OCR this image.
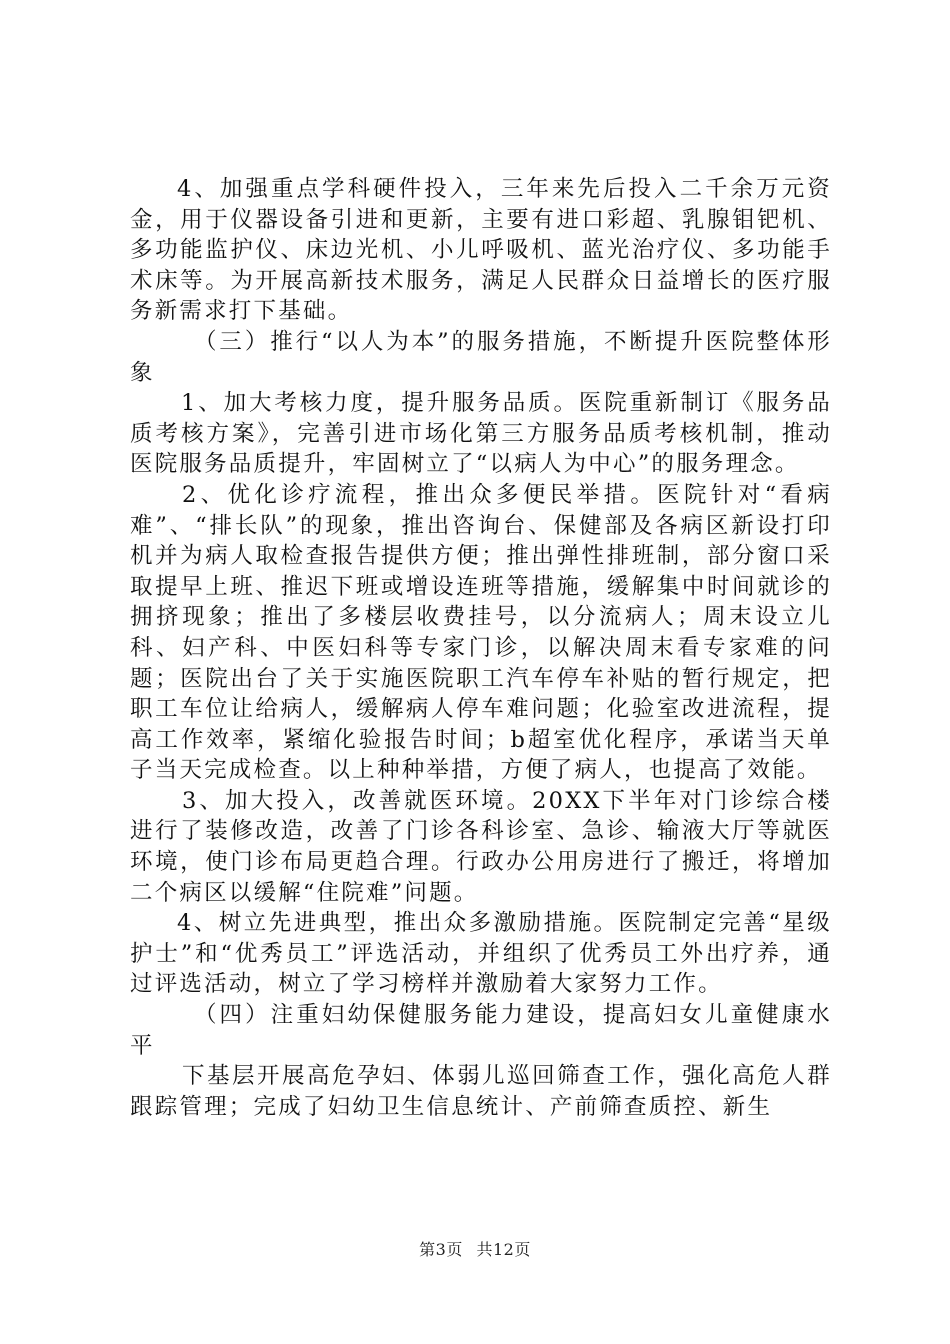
4、加强重点学科硬件投入，三年来先后投入二千余万元资金，用于仪器设备引进和更新，主要有进口彩超、乳腺钼钯机、多功能监护仪、床边光机、小儿呼吸机、蓝光治疗仪、多功能手术床等。为开展高新技术服务，满足人民群众日益增长的医疗服务新需求打下基础。

（三）推行“以人为本”的服务措施，不断提升医院整体形象

1、加大考核力度，提升服务品质。医院重新制订《服务品质考核方案》，完善引进市场化第三方服务品质考核机制，推动医院服务品质提升，牢固树立了“以病人为中心”的服务理念。

2、优化诊疗流程，推出众多便民举措。医院针对“看病难”、“排长队”的现象，推出咨询台、保健部及各病区新设打印机并为病人取检查报告提供方便；推出弹性排班制，部分窗口采取提早上班、推迟下班或增设连班等措施，缓解集中时间就诊的拥挤现象；推出了多楼层收费挂号，以分流病人；周末设立儿科、妇产科、中医妇科等专家门诊，以解决周末看专家难的问题；医院出台了关于实施医院职工汽车停车补贴的暂行规定，把职工车位让给病人，缓解病人停车难问题；化验室改进流程，提高工作效率，紧缩化验报告时间；b超室优化程序，承诺当天单子当天完成检查。以上种种举措，方便了病人，也提高了效能。

3、加大投入，改善就医环境。20XX下半年对门诊综合楼进行了装修改造，改善了门诊各科诊室、急诊、输液大厅等就医环境，使门诊布局更趋合理。行政办公用房进行了搬迁，将增加二个病区以缓解“住院难”问题。

4、树立先进典型，推出众多激励措施。医院制定完善“星级护士”和“优秀员工”评选活动，并组织了优秀员工外出疗养，通过评选活动，树立了学习榜样并激励着大家努力工作。

（四）注重妇幼保健服务能力建设，提高妇女儿童健康水平

下基层开展高危孕妇、体弱儿巡回筛查工作，强化高危人群跟踪管理；完成了妇幼卫生信息统计、产前筛查质控、新生

第3页 共12页
